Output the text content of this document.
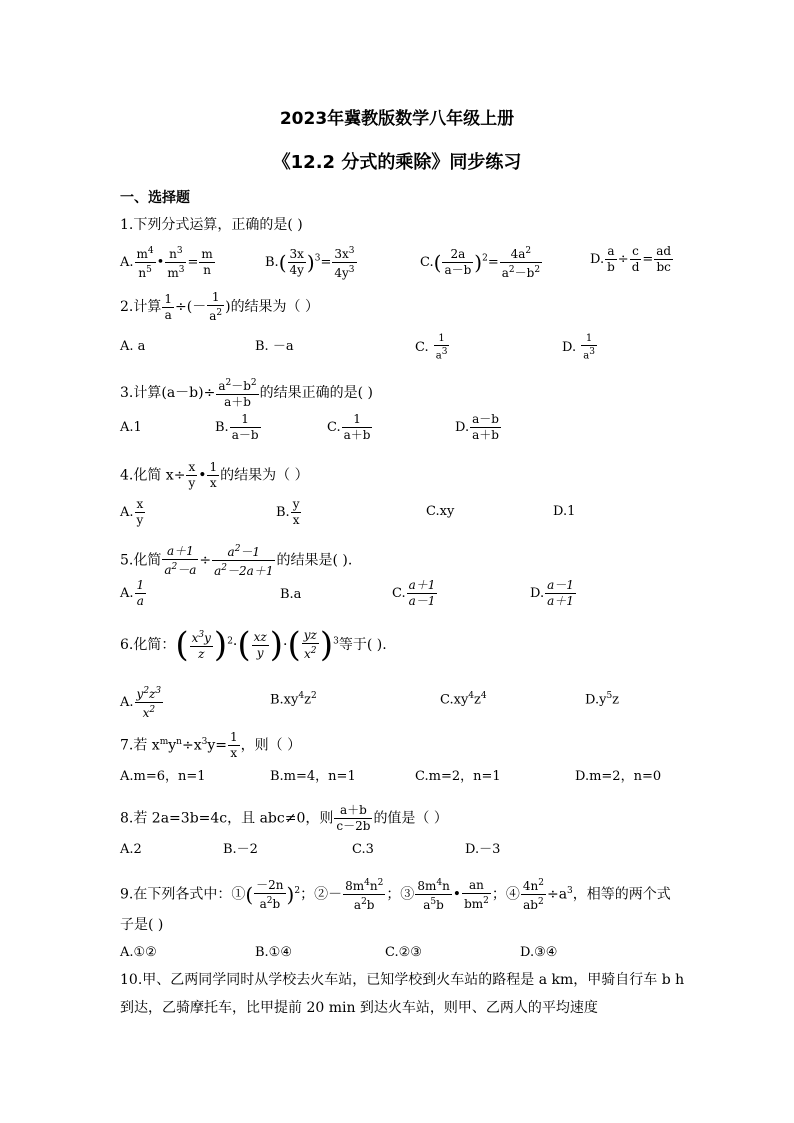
2023年冀教版数学八年级上册
《12.2 分式的乘除》同步练习
一、选择题
1.下列分式运算，正确的是( )
A. $\frac{m^4}{n^5}$ • $\frac{n^3}{m^3} = \frac{m}{n}$	$B.( \frac{3x}{4y} )^3= \frac{3x^3}{4y^3}$	$C.( \frac{2a}{a-b} )^2= \frac{4a^2}{a^2-b^2}$	D. $\frac{a}{b} \div \frac{c}{d} = \frac{ad}{bc}$
2.计算 $\frac{1}{a}$ ÷(－ $\frac{1}{a^2}$ )的结果为（ ）
A. a	B. －a	C. $\frac{1}{a^3}$	D. $\frac{1}{a^3}$
3.计算$(a-b)\div \frac{a^2-b^2}{a+b}$ 的结果正确的是( )
A.1	B. $\frac{1}{a-b}$	C. $\frac{1}{a+b}$	D. $\frac{a-b}{a+b}$
4.化简 $x\div \frac{x}{y}$ • $\frac{1}{x}$ 的结果为（ ）
A. $\frac{x}{y}$	B. $\frac{y}{x}$	C.xy	D.1
5.化简 $\frac{a+1}{a^2-a} \div \frac{a^2-1}{a^2-2a+1}$ 的结果是( ).
A. $\frac{1}{a}$	B.a	C. $\frac{a+1}{a-1}$	D. $\frac{a-1}{a+1}$
6.化简：( $\frac{x^3y}{z} )^2\cdot( \frac{xz}{y}$ )·( $\frac{yz}{x^2} )^3$等于( ).
A. $\frac{y^2z^3}{x^2}$	$B.xy^4z^2$	$C.xy^4z^4$	$D.y^5z$
7.若 $x^my^n\div x^3y= \frac{1}{x}$ ，则（ ）
A.m=6，n=1	B.m=4，n=1	C.m=2，n=1	D.m=2，n=0
8.若 2a=3b=4c，且 abc≠0，则 $\frac{a+b}{c-2b}$ 的值是（ ）
A.2	B.－2	C.3	D.－3
9.在下列各式中：①( $\frac{-2n}{a^2b} )^2$；②－ $\frac{8m^4n^2}{a^2b}$ ；③ $\frac{8m^4n}{a^5b}$ • $\frac{an}{bm^2}$ ；④ $\frac{4n^2}{ab^2} \div a^3$，相等的两个式
子是( )
A.①②	B.①④	C.②③	D.③④
10.甲、乙两同学同时从学校去火车站，已知学校到火车站的路程是 a km，甲骑自行车 b h 到达，乙骑摩托车，比甲提前 20 min 到达火车站，则甲、乙两人的平均速度
